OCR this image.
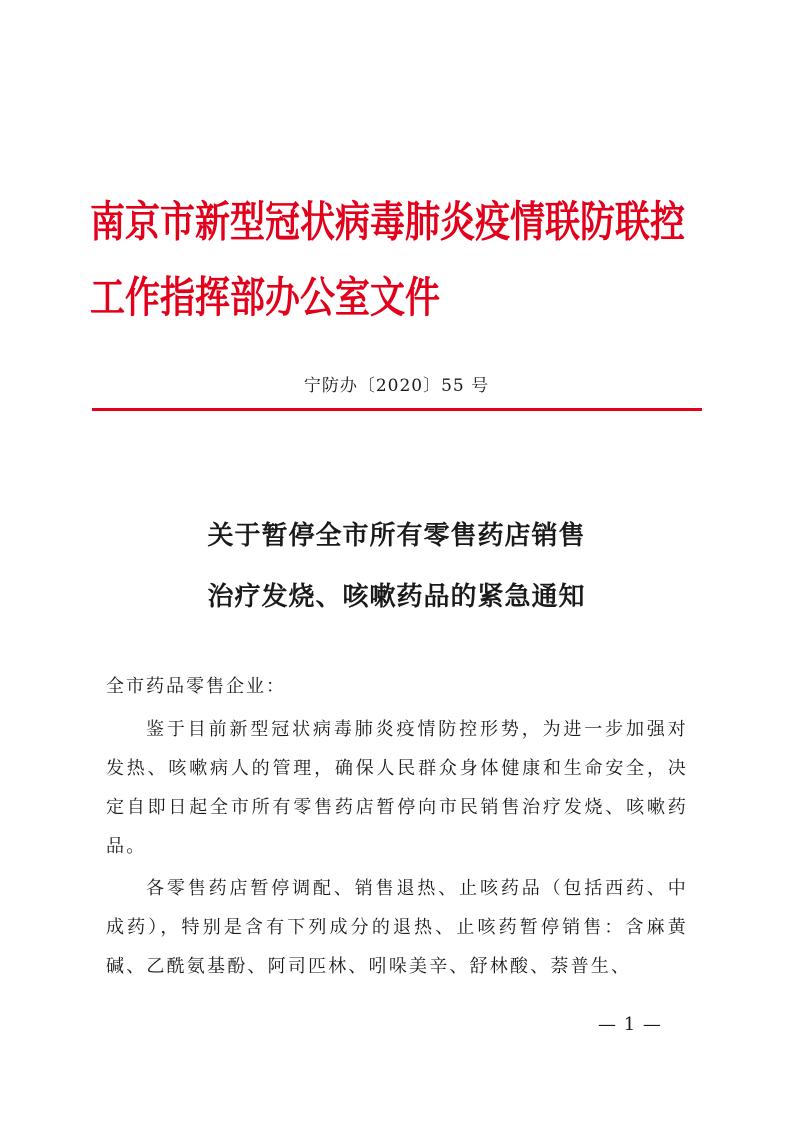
南京市新型冠状病毒肺炎疫情联防联控工作指挥部办公室文件
宁防办〔2020〕55 号
关于暂停全市所有零售药店销售
治疗发烧、咳嗽药品的紧急通知
全市药品零售企业：

鉴于目前新型冠状病毒肺炎疫情防控形势，为进一步加强对发热、咳嗽病人的管理，确保人民群众身体健康和生命安全，决定自即日起全市所有零售药店暂停向市民销售治疗发烧、咳嗽药品。

各零售药店暂停调配、销售退热、止咳药品（包括西药、中成药），特别是含有下列成分的退热、止咳药暂停销售：含麻黄碱、乙酰氨基酚、阿司匹林、吲哚美辛、舒林酸、萘普生、

— 1 —
